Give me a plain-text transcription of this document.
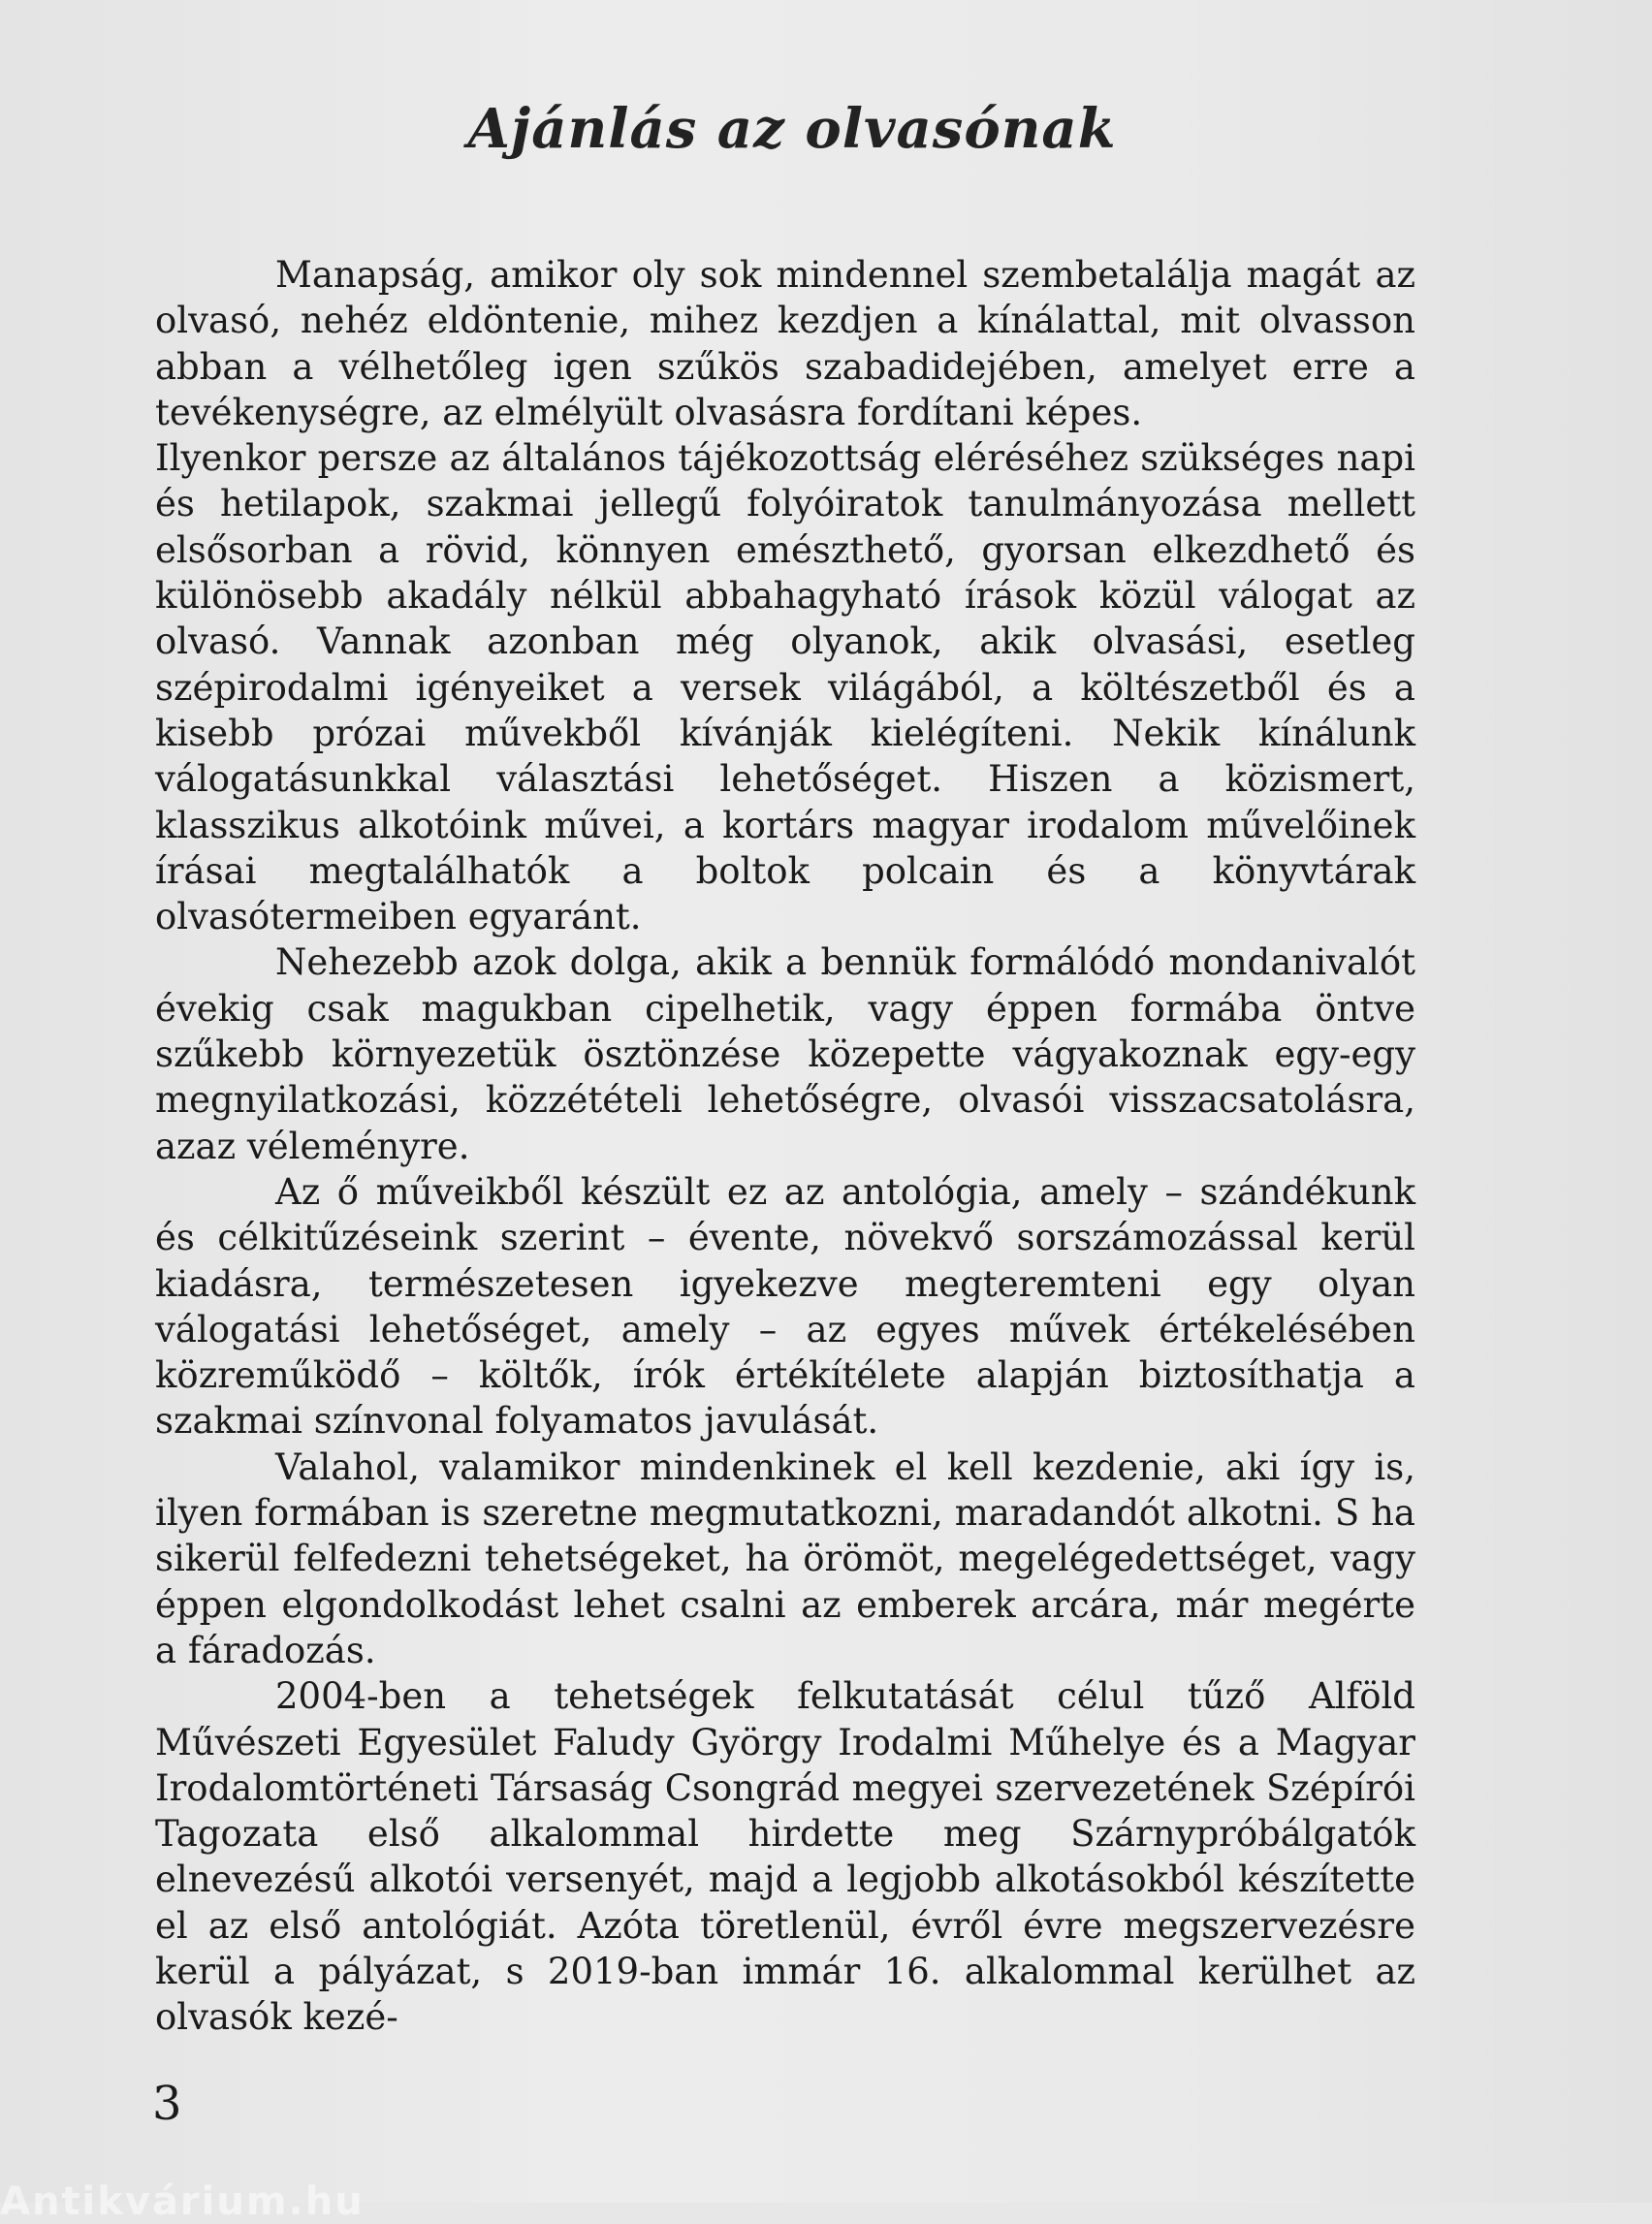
Ajánlás az olvasónak

Manapság, amikor oly sok mindennel szembetalálja magát az olvasó, nehéz eldöntenie, mihez kezdjen a kínálattal, mit olvasson abban a vélhetőleg igen szűkös szabadidejében, amelyet erre a tevékenységre, az elmélyült olvasásra fordítani képes.

Ilyenkor persze az általános tájékozottság eléréséhez szükséges napi és hetilapok, szakmai jellegű folyóiratok tanulmányozása mellett elsősorban a rövid, könnyen emészthető, gyorsan elkezdhető és különösebb akadály nélkül abbahagyható írások közül válogat az olvasó. Vannak azonban még olyanok, akik olvasási, esetleg szépirodalmi igényeiket a versek világából, a költészetből és a kisebb prózai művekből kívánják kielégíteni. Nekik kínálunk válogatásunkkal választási lehetőséget. Hiszen a közismert, klasszikus alkotóink művei, a kortárs magyar irodalom művelőinek írásai megtalálhatók a boltok polcain és a könyvtárak olvasótermeiben egyaránt.

Nehezebb azok dolga, akik a bennük formálódó mondanivalót évekig csak magukban cipelhetik, vagy éppen formába öntve szűkebb környezetük ösztönzése közepette vágyakoznak egy-egy megnyilatkozási, közzétételi lehetőségre, olvasói visszacsatolásra, azaz véleményre.

Az ő műveikből készült ez az antológia, amely – szándékunk és célkitűzéseink szerint – évente, növekvő sorszámozással kerül kiadásra, természetesen igyekezve megteremteni egy olyan válogatási lehetőséget, amely – az egyes művek értékelésében közreműködő – költők, írók értékítélete alapján biztosíthatja a szakmai színvonal folyamatos javulását.

Valahol, valamikor mindenkinek el kell kezdenie, aki így is, ilyen formában is szeretne megmutatkozni, maradandót alkotni. S ha sikerül felfedezni tehetségeket, ha örömöt, megelégedettséget, vagy éppen elgondolkodást lehet csalni az emberek arcára, már megérte a fáradozás.

2004-ben a tehetségek felkutatását célul tűző Alföld Művészeti Egyesület Faludy György Irodalmi Műhelye és a Magyar Irodalomtörténeti Társaság Csongrád megyei szervezetének Szépírói Tagozata első alkalommal hirdette meg Szárnypróbálgatók elnevezésű alkotói versenyét, majd a legjobb alkotásokból készítette el az első antológiát. Azóta töretlenül, évről évre megszervezésre kerül a pályázat, s 2019-ban immár 16. alkalommal kerülhet az olvasók kezé-

3
Antikvárium.hu
